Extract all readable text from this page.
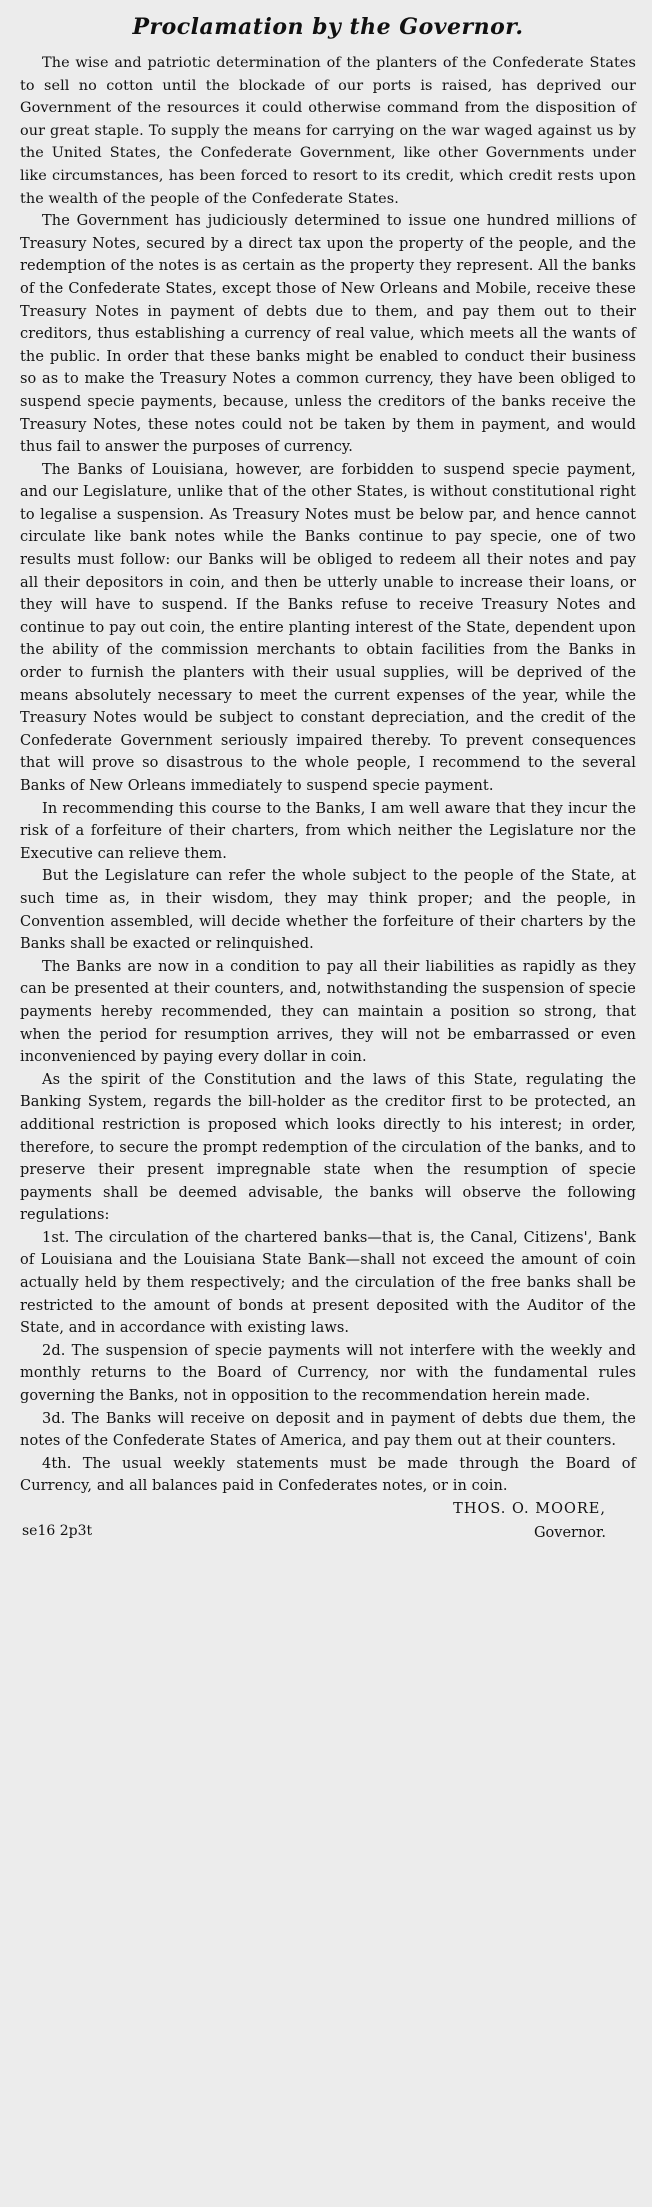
Proclamation by the Governor.

The wise and patriotic determination of the planters of the Confederate States to sell no cotton until the blockade of our ports is raised, has deprived our Government of the resources it could otherwise command from the disposition of our great staple. To supply the means for carrying on the war waged against us by the United States, the Confederate Government, like other Governments under like circumstances, has been forced to resort to its credit, which credit rests upon the wealth of the people of the Confederate States.

The Government has judiciously determined to issue one hundred millions of Treasury Notes, secured by a direct tax upon the property of the people, and the redemption of the notes is as certain as the property they represent. All the banks of the Confederate States, except those of New Orleans and Mobile, receive these Treasury Notes in payment of debts due to them, and pay them out to their creditors, thus establishing a currency of real value, which meets all the wants of the public. In order that these banks might be enabled to conduct their business so as to make the Treasury Notes a common currency, they have been obliged to suspend specie payments, because, unless the creditors of the banks receive the Treasury Notes, these notes could not be taken by them in payment, and would thus fail to answer the purposes of currency.

The Banks of Louisiana, however, are forbidden to suspend specie payment, and our Legislature, unlike that of the other States, is without constitutional right to legalise a suspension. As Treasury Notes must be below par, and hence cannot circulate like bank notes while the Banks continue to pay specie, one of two results must follow: our Banks will be obliged to redeem all their notes and pay all their depositors in coin, and then be utterly unable to increase their loans, or they will have to suspend. If the Banks refuse to receive Treasury Notes and continue to pay out coin, the entire planting interest of the State, dependent upon the ability of the commission merchants to obtain facilities from the Banks in order to furnish the planters with their usual supplies, will be deprived of the means absolutely necessary to meet the current expenses of the year, while the Treasury Notes would be subject to constant depreciation, and the credit of the Confederate Government seriously impaired thereby. To prevent consequences that will prove so disastrous to the whole people, I recommend to the several Banks of New Orleans immediately to suspend specie payment.

In recommending this course to the Banks, I am well aware that they incur the risk of a forfeiture of their charters, from which neither the Legislature nor the Executive can relieve them.

But the Legislature can refer the whole subject to the people of the State, at such time as, in their wisdom, they may think proper; and the people, in Convention assembled, will decide whether the forfeiture of their charters by the Banks shall be exacted or relinquished.

The Banks are now in a condition to pay all their liabilities as rapidly as they can be presented at their counters, and, notwithstanding the suspension of specie payments hereby recommended, they can maintain a position so strong, that when the period for resumption arrives, they will not be embarrassed or even inconvenienced by paying every dollar in coin.

As the spirit of the Constitution and the laws of this State, regulating the Banking System, regards the bill-holder as the creditor first to be protected, an additional restriction is proposed which looks directly to his interest; in order, therefore, to secure the prompt redemption of the circulation of the banks, and to preserve their present impregnable state when the resumption of specie payments shall be deemed advisable, the banks will observe the following regulations:

1st. The circulation of the chartered banks—that is, the Canal, Citizens', Bank of Louisiana and the Louisiana State Bank—shall not exceed the amount of coin actually held by them respectively; and the circulation of the free banks shall be restricted to the amount of bonds at present deposited with the Auditor of the State, and in accordance with existing laws.

2d. The suspension of specie payments will not interfere with the weekly and monthly returns to the Board of Currency, nor with the fundamental rules governing the Banks, not in opposition to the recommendation herein made.

3d. The Banks will receive on deposit and in payment of debts due them, the notes of the Confederate States of America, and pay them out at their counters.

4th. The usual weekly statements must be made through the Board of Currency, and all balances paid in Confederates notes, or in coin.

se16 2p3t
THOS. O. MOORE,
Governor.
